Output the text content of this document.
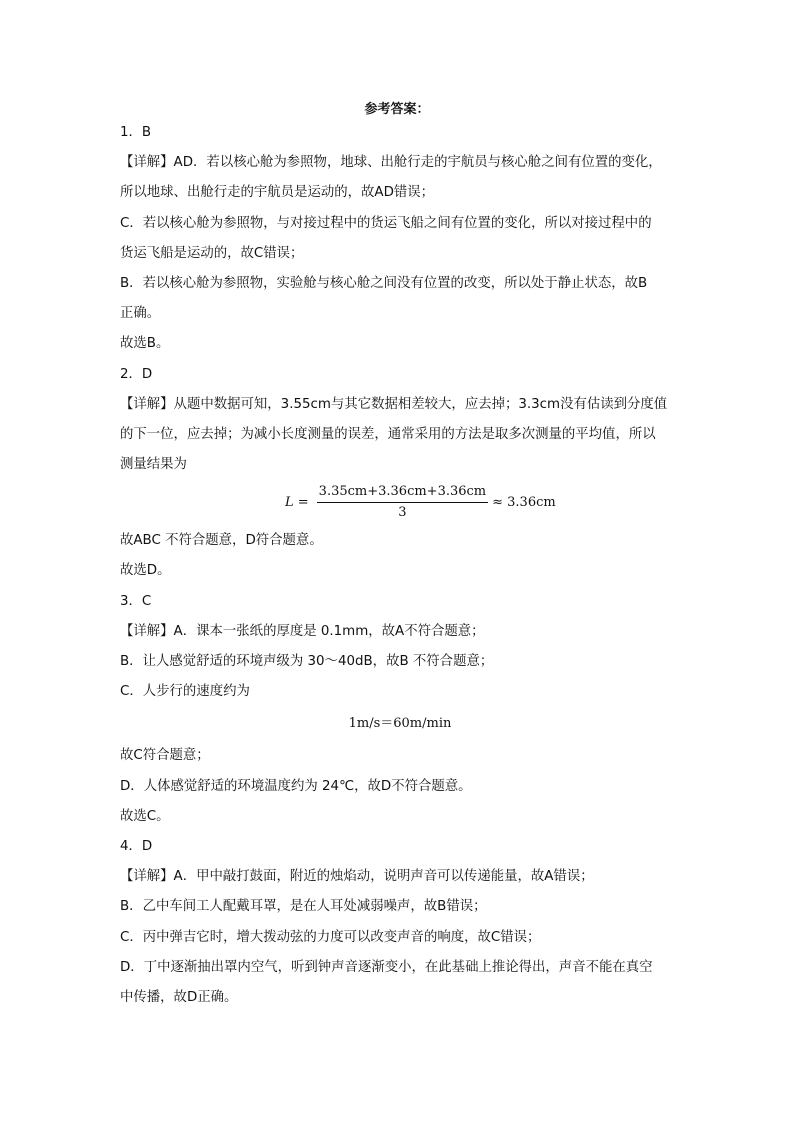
参考答案：
1．B
【详解】AD．若以核心舱为参照物，地球、出舱行走的宇航员与核心舱之间有位置的变化，
所以地球、出舱行走的宇航员是运动的，故AD错误；
C．若以核心舱为参照物，与对接过程中的货运飞船之间有位置的变化，所以对接过程中的
货运飞船是运动的，故C错误；
B．若以核心舱为参照物，实验舱与核心舱之间没有位置的改变，所以处于静止状态，故B
正确。
故选B。
2．D
【详解】从题中数据可知，3.55cm与其它数据相差较大，应去掉；3.3cm没有估读到分度值
的下一位，应去掉；为减小长度测量的误差，通常采用的方法是取多次测量的平均值，所以
测量结果为
$L = \frac{3.35cm+3.36cm+3.36cm}{3} \approx 3.36cm$
故ABC 不符合题意，D符合题意。
故选D。
3．C
【详解】A．课本一张纸的厚度是 0.1mm，故A不符合题意；
B．让人感觉舒适的环境声级为 30～40dB，故B 不符合题意；
C．人步行的速度约为
1m/s＝60m/min
故C符合题意；
D．人体感觉舒适的环境温度约为 24℃，故D不符合题意。
故选C。
4．D
【详解】A．甲中敲打鼓面，附近的烛焰动，说明声音可以传递能量，故A错误；
B．乙中车间工人配戴耳罩，是在人耳处减弱噪声，故B错误；
C．丙中弹吉它时，增大拨动弦的力度可以改变声音的响度，故C错误；
D．丁中逐渐抽出罩内空气，听到钟声音逐渐变小，在此基础上推论得出，声音不能在真空
中传播，故D正确。
